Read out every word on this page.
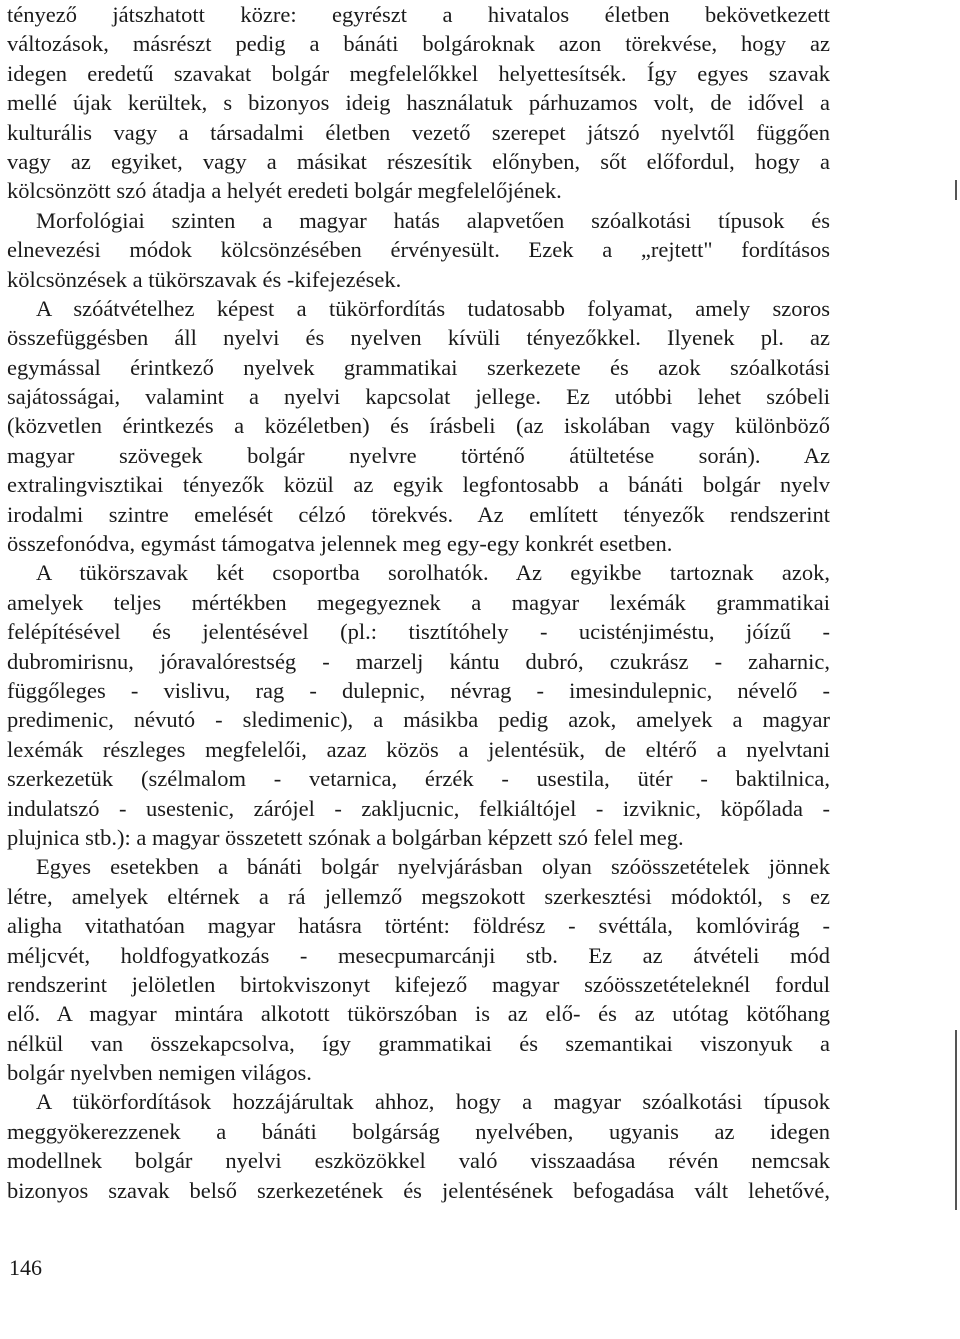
tényező játszhatott közre: egyrészt a hivatalos életben bekövetkezett
változások, másrészt pedig a bánáti bolgároknak azon törekvése, hogy az
idegen eredetű szavakat bolgár megfelelőkkel helyettesítsék. Így egyes szavak
mellé újak kerültek, s bizonyos ideig használatuk párhuzamos volt, de idővel a
kulturális vagy a társadalmi életben vezető szerepet játszó nyelvtől függően
vagy az egyiket, vagy a másikat részesítik előnyben, sőt előfordul, hogy a
kölcsönzött szó átadja a helyét eredeti bolgár megfelelőjének.
Morfológiai szinten a magyar hatás alapvetően szóalkotási típusok és
elnevezési módok kölcsönzésében érvényesült. Ezek a „rejtett" fordításos
kölcsönzések a tükörszavak és -kifejezések.
A szóátvételhez képest a tükörfordítás tudatosabb folyamat, amely szoros
összefüggésben áll nyelvi és nyelven kívüli tényezőkkel. Ilyenek pl. az
egymással érintkező nyelvek grammatikai szerkezete és azok szóalkotási
sajátosságai, valamint a nyelvi kapcsolat jellege. Ez utóbbi lehet szóbeli
(közvetlen érintkezés a közéletben) és írásbeli (az iskolában vagy különböző
magyar szövegek bolgár nyelvre történő átültetése során). Az
extralingvisztikai tényezők közül az egyik legfontosabb a bánáti bolgár nyelv
irodalmi szintre emelését célzó törekvés. Az említett tényezők rendszerint
összefonódva, egymást támogatva jelennek meg egy-egy konkrét esetben.
A tükörszavak két csoportba sorolhatók. Az egyikbe tartoznak azok,
amelyek teljes mértékben megegyeznek a magyar lexémák grammatikai
felépítésével és jelentésével (pl.: tisztítóhely - ucisténjiméstu, jóízű -
dubromirisnu, jóravalórestség - marzelj kántu dubró, czukrász - zaharnic,
függőleges - vislivu, rag - dulepnic, névrag - imesindulepnic, névelő -
predimenic, névutó - sledimenic), a másikba pedig azok, amelyek a magyar
lexémák részleges megfelelői, azaz közös a jelentésük, de eltérő a nyelvtani
szerkezetük (szélmalom - vetarnica, érzék - usestila, ütér - baktilnica,
indulatszó - usestenic, zárójel - zakljucnic, felkiáltójel - izviknic, köpőlada -
plujnica stb.): a magyar összetett szónak a bolgárban képzett szó felel meg.
Egyes esetekben a bánáti bolgár nyelvjárásban olyan szóösszetételek jönnek
létre, amelyek eltérnek a rá jellemző megszokott szerkesztési módoktól, s ez
aligha vitathatóan magyar hatásra történt: földrész - svéttála, komlóvirág -
méljcvét, holdfogyatkozás - mesecpumarcánji stb. Ez az átvételi mód
rendszerint jelöletlen birtokviszonyt kifejező magyar szóösszetételeknél fordul
elő. A magyar mintára alkotott tükörszóban is az elő- és az utótag kötőhang
nélkül van összekapcsolva, így grammatikai és szemantikai viszonyuk a
bolgár nyelvben nemigen világos.
A tükörfordítások hozzájárultak ahhoz, hogy a magyar szóalkotási típusok
meggyökerezzenek a bánáti bolgárság nyelvében, ugyanis az idegen
modellnek bolgár nyelvi eszközökkel való visszaadása révén nemcsak
bizonyos szavak belső szerkezetének és jelentésének befogadása vált lehetővé,
146
